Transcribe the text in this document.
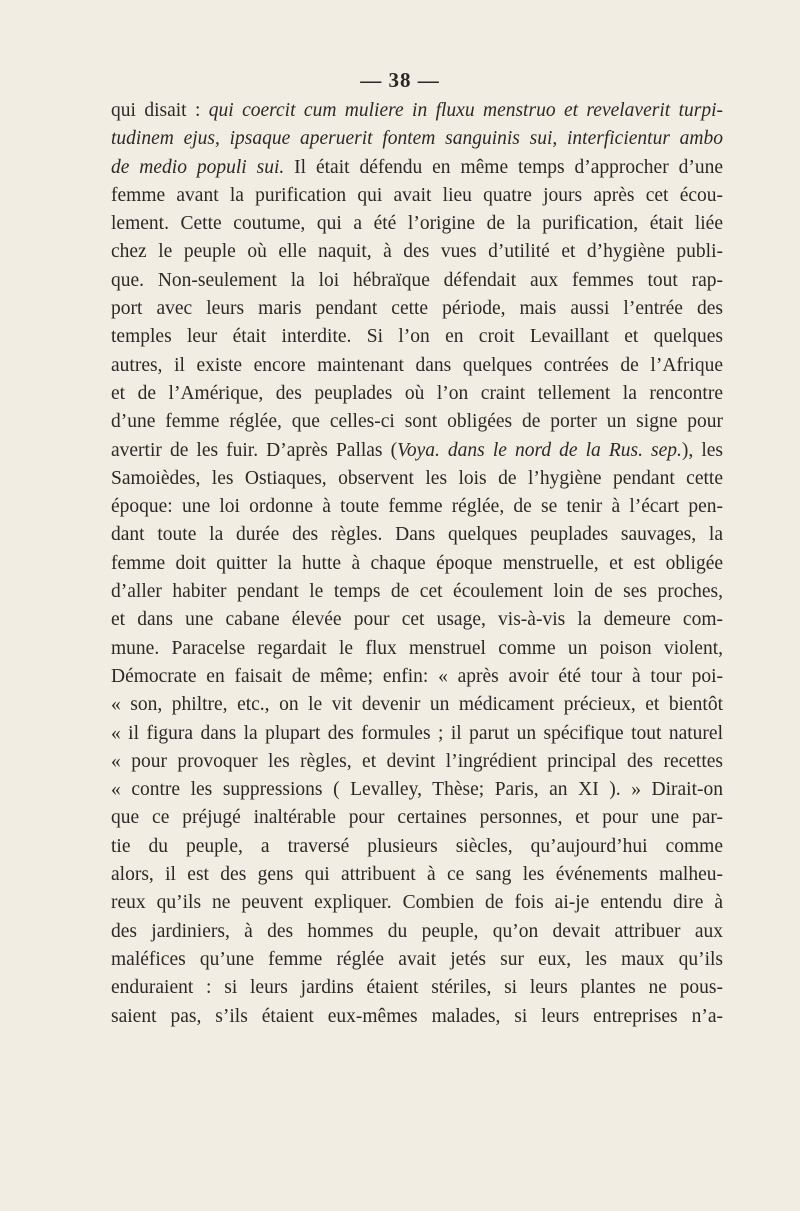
— 38 —
qui disait : qui coercit cum muliere in fluxu menstruo et revelaverit turpi-
tudinem ejus, ipsaque aperuerit fontem sanguinis sui, interficientur ambo
de medio populi sui. Il était défendu en même temps d’approcher d’une
femme avant la purification qui avait lieu quatre jours après cet écou-
lement. Cette coutume, qui a été l’origine de la purification, était liée
chez le peuple où elle naquit, à des vues d’utilité et d’hygiène publi-
que. Non-seulement la loi hébraïque défendait aux femmes tout rap-
port avec leurs maris pendant cette période, mais aussi l’entrée des
temples leur était interdite. Si l’on en croit Levaillant et quelques
autres, il existe encore maintenant dans quelques contrées de l’Afrique
et de l’Amérique, des peuplades où l’on craint tellement la rencontre
d’une femme réglée, que celles-ci sont obligées de porter un signe pour
avertir de les fuir. D’après Pallas (Voya. dans le nord de la Rus. sep.), les
Samoièdes, les Ostiaques, observent les lois de l’hygiène pendant cette
époque: une loi ordonne à toute femme réglée, de se tenir à l’écart pen-
dant toute la durée des règles. Dans quelques peuplades sauvages, la
femme doit quitter la hutte à chaque époque menstruelle, et est obligée
d’aller habiter pendant le temps de cet écoulement loin de ses proches,
et dans une cabane élevée pour cet usage, vis-à-vis la demeure com-
mune. Paracelse regardait le flux menstruel comme un poison violent,
Démocrate en faisait de même; enfin: « après avoir été tour à tour poi-
« son, philtre, etc., on le vit devenir un médicament précieux, et bientôt
« il figura dans la plupart des formules ; il parut un spécifique tout naturel
« pour provoquer les règles, et devint l’ingrédient principal des recettes
« contre les suppressions ( Levalley, Thèse; Paris, an XI ). » Dirait-on
que ce préjugé inaltérable pour certaines personnes, et pour une par-
tie du peuple, a traversé plusieurs siècles, qu’aujourd’hui comme
alors, il est des gens qui attribuent à ce sang les événements malheu-
reux qu’ils ne peuvent expliquer. Combien de fois ai-je entendu dire à
des jardiniers, à des hommes du peuple, qu’on devait attribuer aux
maléfices qu’une femme réglée avait jetés sur eux, les maux qu’ils
enduraient : si leurs jardins étaient stériles, si leurs plantes ne pous-
saient pas, s’ils étaient eux-mêmes malades, si leurs entreprises n’a-
